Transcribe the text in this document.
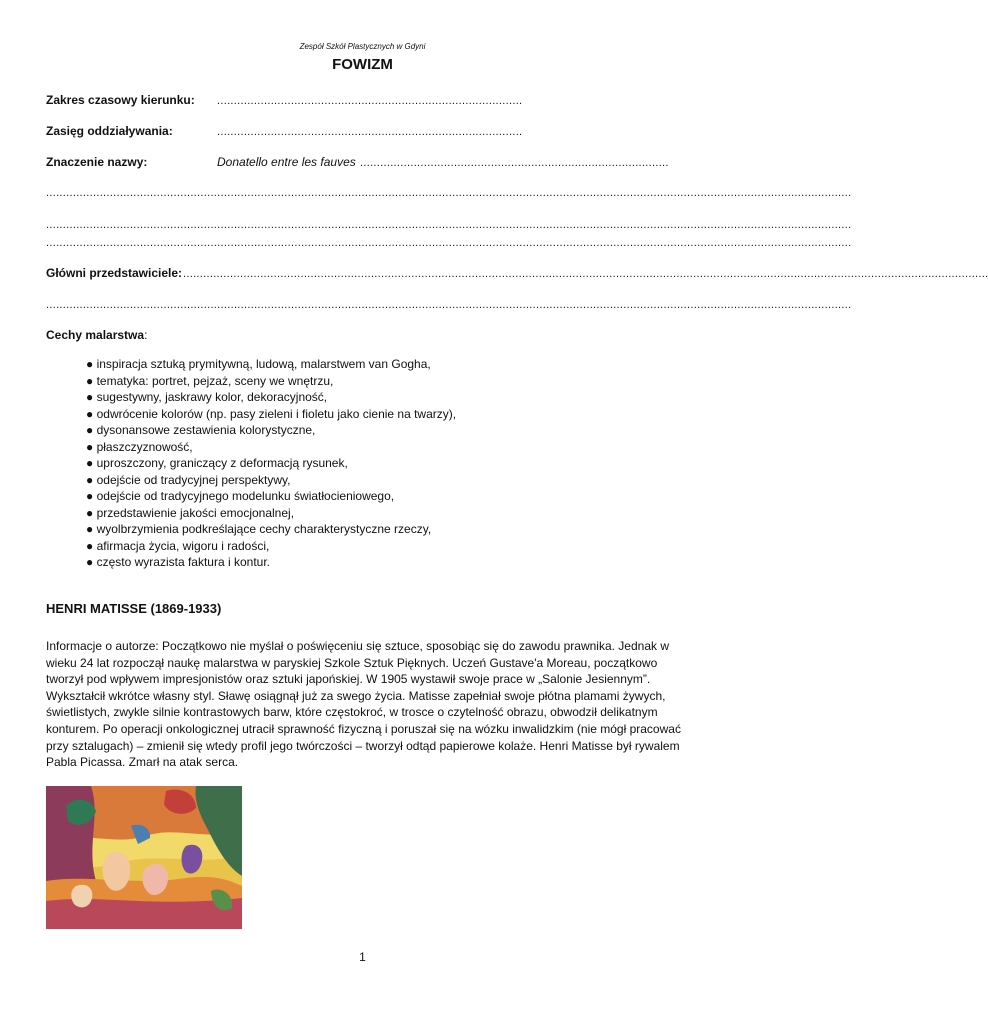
Zespół Szkół Plastycznych w Gdyni
FOWIZM
Zakres czasowy kierunku: ...........................................................................................
Zasięg oddziaływania:	...........................................................................................
Znaczenie nazwy:	Donatello entre les fauves ............................................................................................
................................................................................................................................................................................................................................................
................................................................................................................................................................................................................................................
................................................................................................................................................................................................................................................
Główni przedstawiciele: ................................................................................................................................................................................................................................................
................................................................................................................................................................................................................................................
Cechy malarstwa:
● inspiracja sztuką prymitywną, ludową, malarstwem van Gogha,
● tematyka: portret, pejzaż, sceny we wnętrzu,
● sugestywny, jaskrawy kolor, dekoracyjność,
● odwrócenie kolorów (np. pasy zieleni i fioletu jako cienie na twarzy),
● dysonansowe zestawienia kolorystyczne,
● płaszczyznowość,
● uproszczony, graniczący z deformacją rysunek,
● odejście od tradycyjnej perspektywy,
● odejście od tradycyjnego modelunku światłocieniowego,
● przedstawienie jakości emocjonalnej,
● wyolbrzymienia podkreślające cechy charakterystyczne rzeczy,
● afirmacja życia, wigoru i radości,
● często wyrazista faktura i kontur.
HENRI MATISSE (1869-1933)
Informacje o autorze: Początkowo nie myślał o poświęceniu się sztuce, sposobiąc się do zawodu prawnika. Jednak w wieku 24 lat rozpoczął naukę malarstwa w paryskiej Szkole Sztuk Pięknych. Uczeń Gustave'a Moreau, początkowo tworzył pod wpływem impresjonistów oraz sztuki japońskiej. W 1905 wystawił swoje prace w „Salonie Jesiennym”. Wykształcił wkrótce własny styl. Sławę osiągnął już za swego życia. Matisse zapełniał swoje płótna plamami żywych, świetlistych, zwykle silnie kontrastowych barw, które częstokroć, w trosce o czytelność obrazu, obwodził delikatnym konturem. Po operacji onkologicznej utracił sprawność fizyczną i poruszał się na wózku inwalidzkim (nie mógł pracować przy sztalugach) – zmienił się wtedy profil jego twórczości – tworzył odtąd papierowe kolaże. Henri Matisse był rywalem Pabla Picassa. Zmarł na atak serca.
1
